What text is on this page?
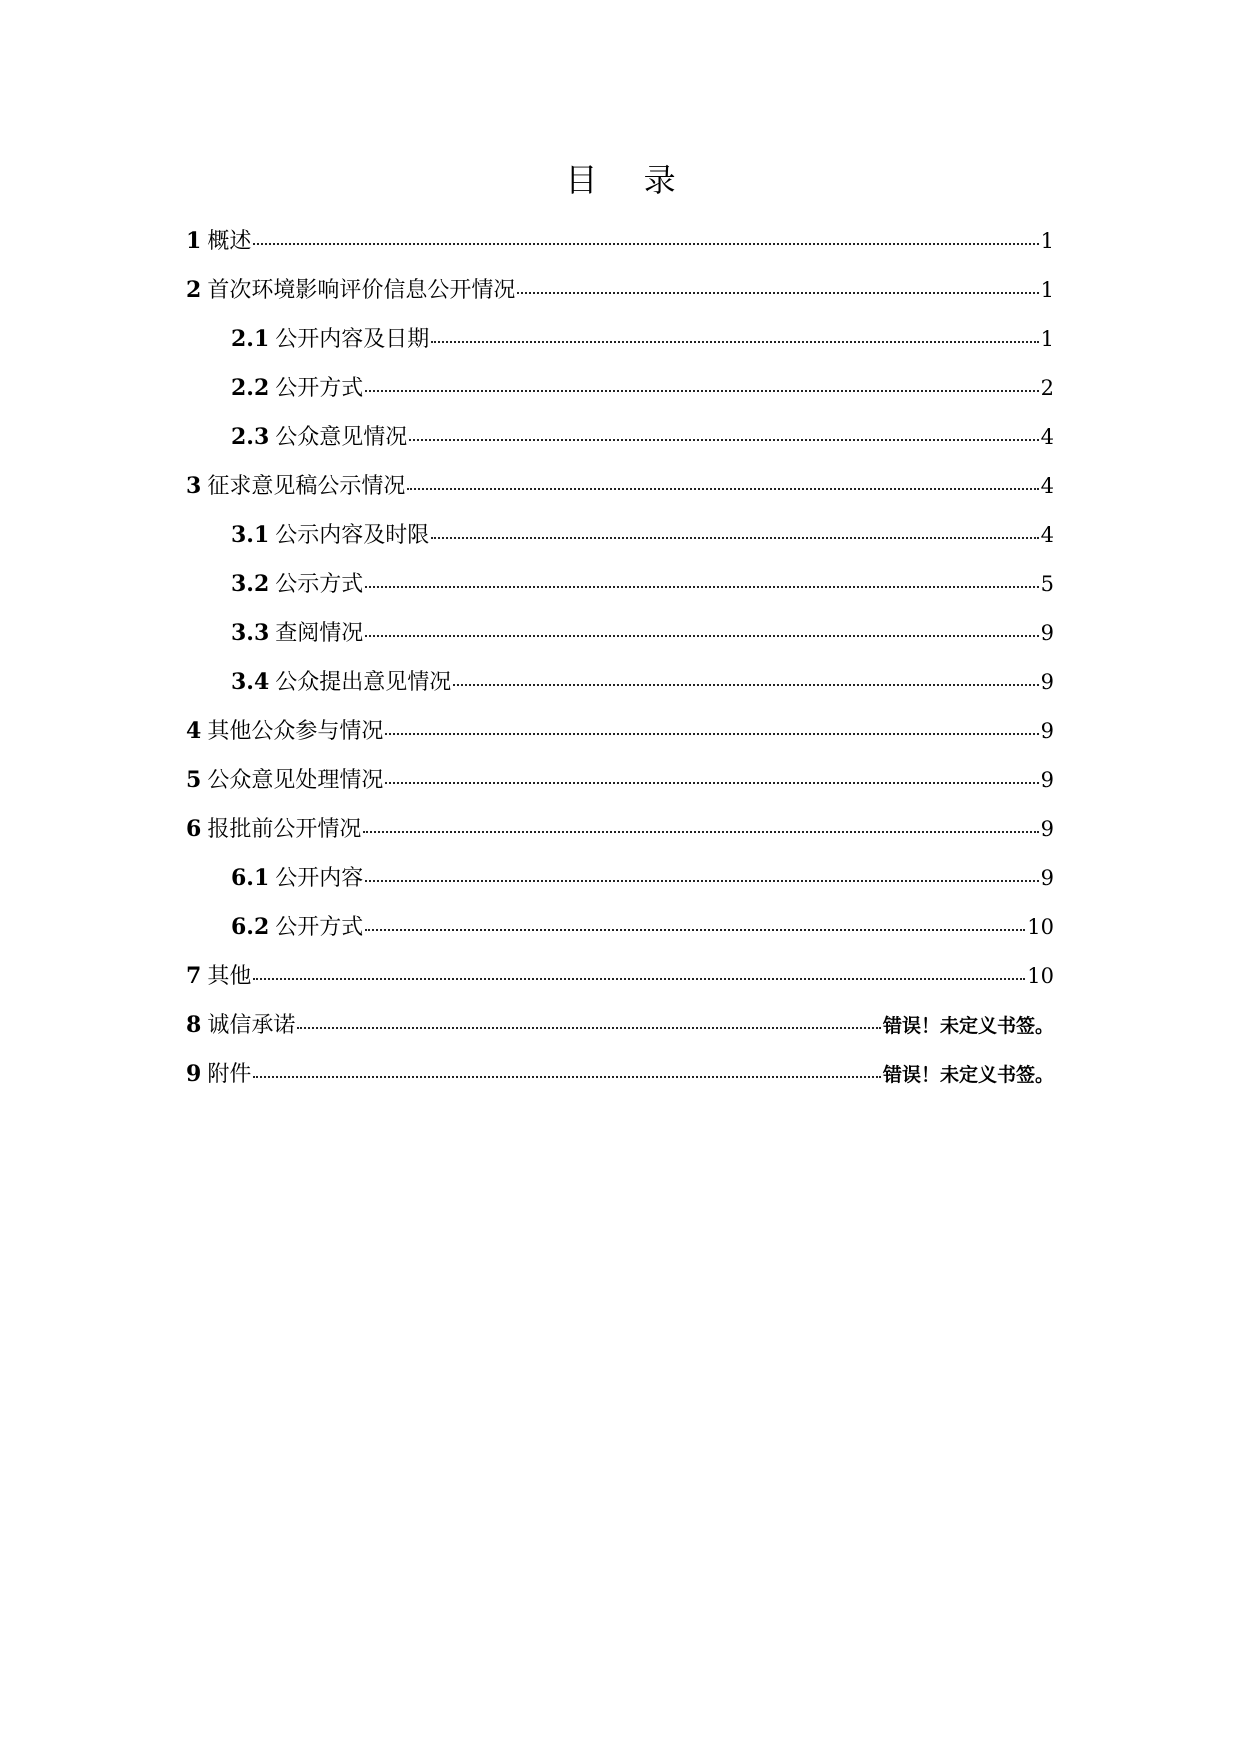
目 录
1 概述	1
2 首次环境影响评价信息公开情况	1
2.1 公开内容及日期	1
2.2 公开方式	2
2.3 公众意见情况	4
3 征求意见稿公示情况	4
3.1 公示内容及时限	4
3.2 公示方式	5
3.3 查阅情况	9
3.4 公众提出意见情况	9
4 其他公众参与情况	9
5 公众意见处理情况	9
6 报批前公开情况	9
6.1 公开内容	9
6.2 公开方式	10
7 其他	10
8 诚信承诺	错误！未定义书签。
9 附件	错误！未定义书签。
